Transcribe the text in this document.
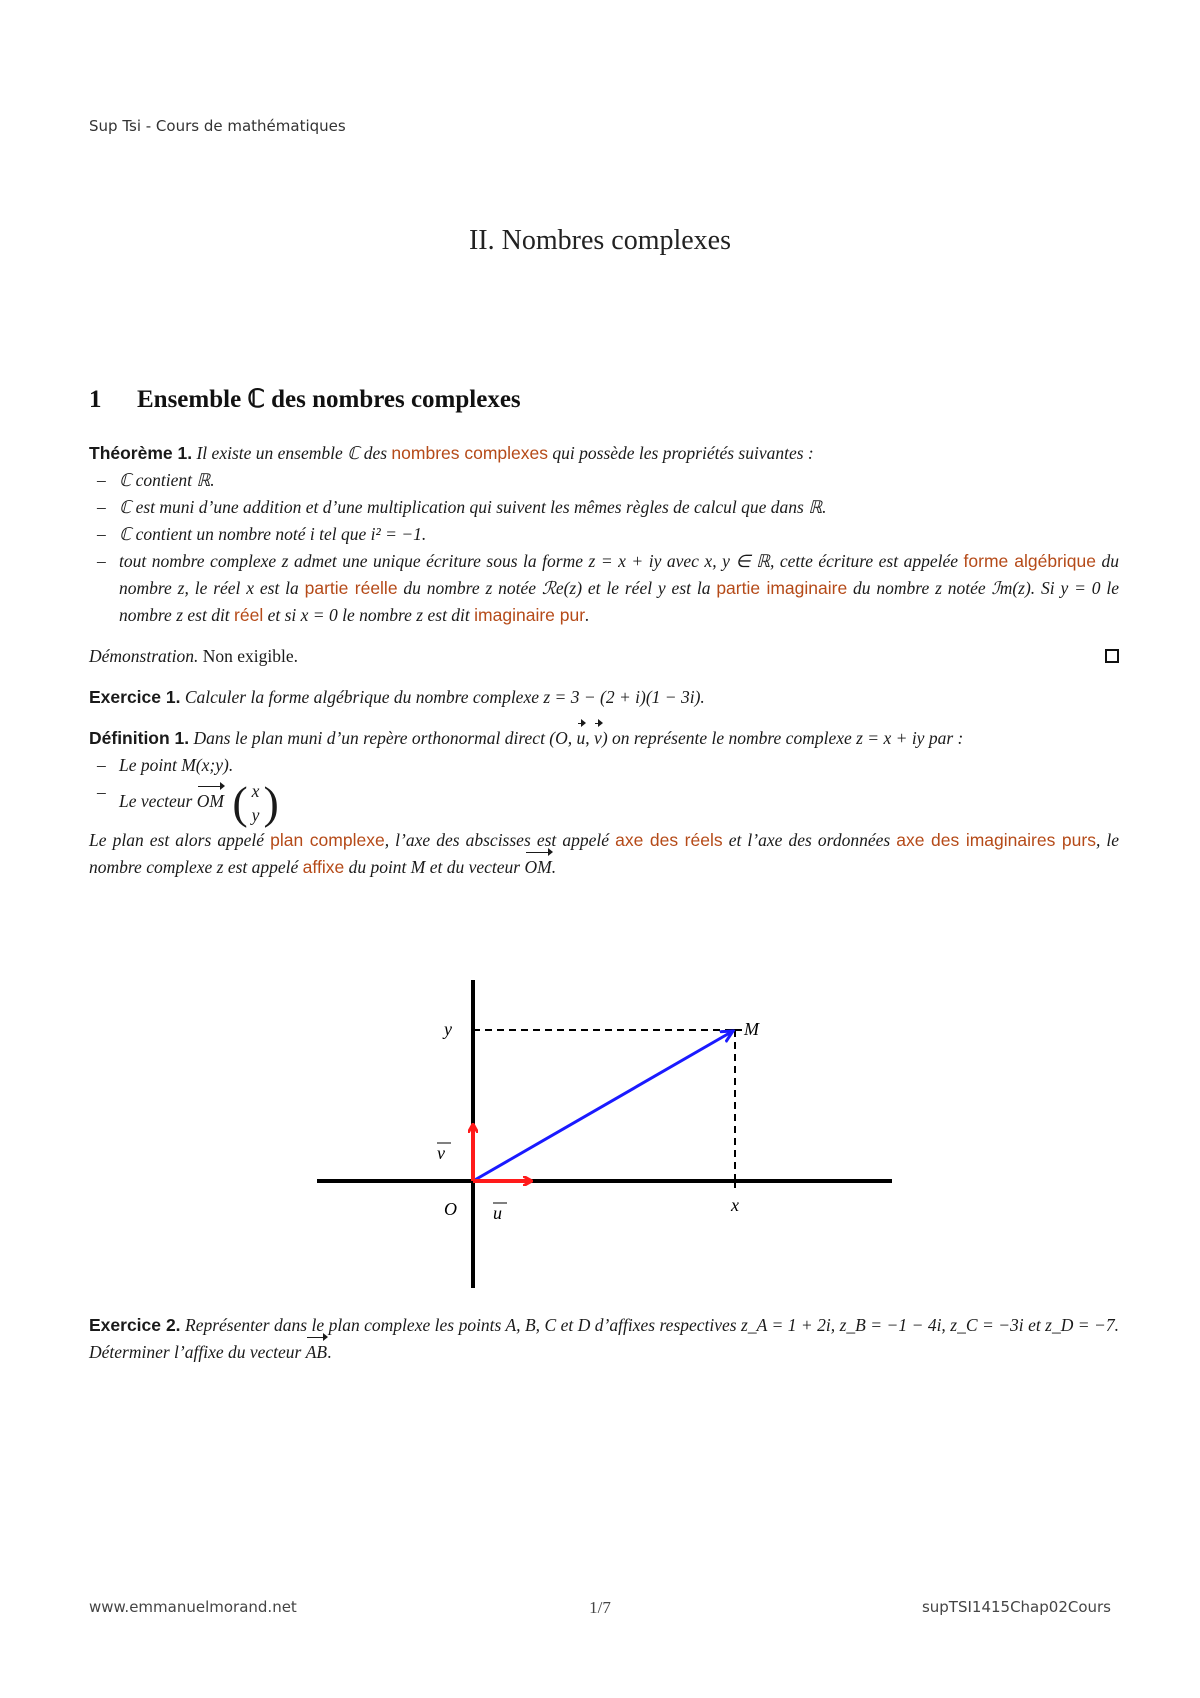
Sup Tsi - Cours de mathématiques
II. Nombres complexes
1 Ensemble ℂ des nombres complexes
Théorème 1. Il existe un ensemble ℂ des nombres complexes qui possède les propriétés suivantes :
– ℂ contient ℝ.
– ℂ est muni d’une addition et d’une multiplication qui suivent les mêmes règles de calcul que dans ℝ.
– ℂ contient un nombre noté i tel que i² = −1.
– tout nombre complexe z admet une unique écriture sous la forme z = x + iy avec x, y ∈ ℝ, cette écriture est appelée forme algébrique du nombre z, le réel x est la partie réelle du nombre z notée ℛe(z) et le réel y est la partie imaginaire du nombre z notée ℐm(z). Si y = 0 le nombre z est dit réel et si x = 0 le nombre z est dit imaginaire pur.
Démonstration. Non exigible.
Exercice 1. Calculer la forme algébrique du nombre complexe z = 3 − (2 + i)(1 − 3i).
Définition 1. Dans le plan muni d’un repère orthonormal direct (O, u, v) on représente le nombre complexe z = x + iy par :
– Le point M(x;y).
– Le vecteur OM ( x
y )
Le plan est alors appelé plan complexe, l’axe des abscisses est appelé axe des réels et l’axe des ordonnées axe des imaginaires purs, le nombre complexe z est appelé affixe du point M et du vecteur OM.
y	M
v
O u	x
Exercice 2. Représenter dans le plan complexe les points A, B, C et D d’affixes respectives z_A = 1 + 2i, z_B = −1 − 4i, z_C = −3i et z_D = −7. Déterminer l’affixe du vecteur AB.
www.emmanuelmorand.net	1/7	supTSI1415Chap02Cours
